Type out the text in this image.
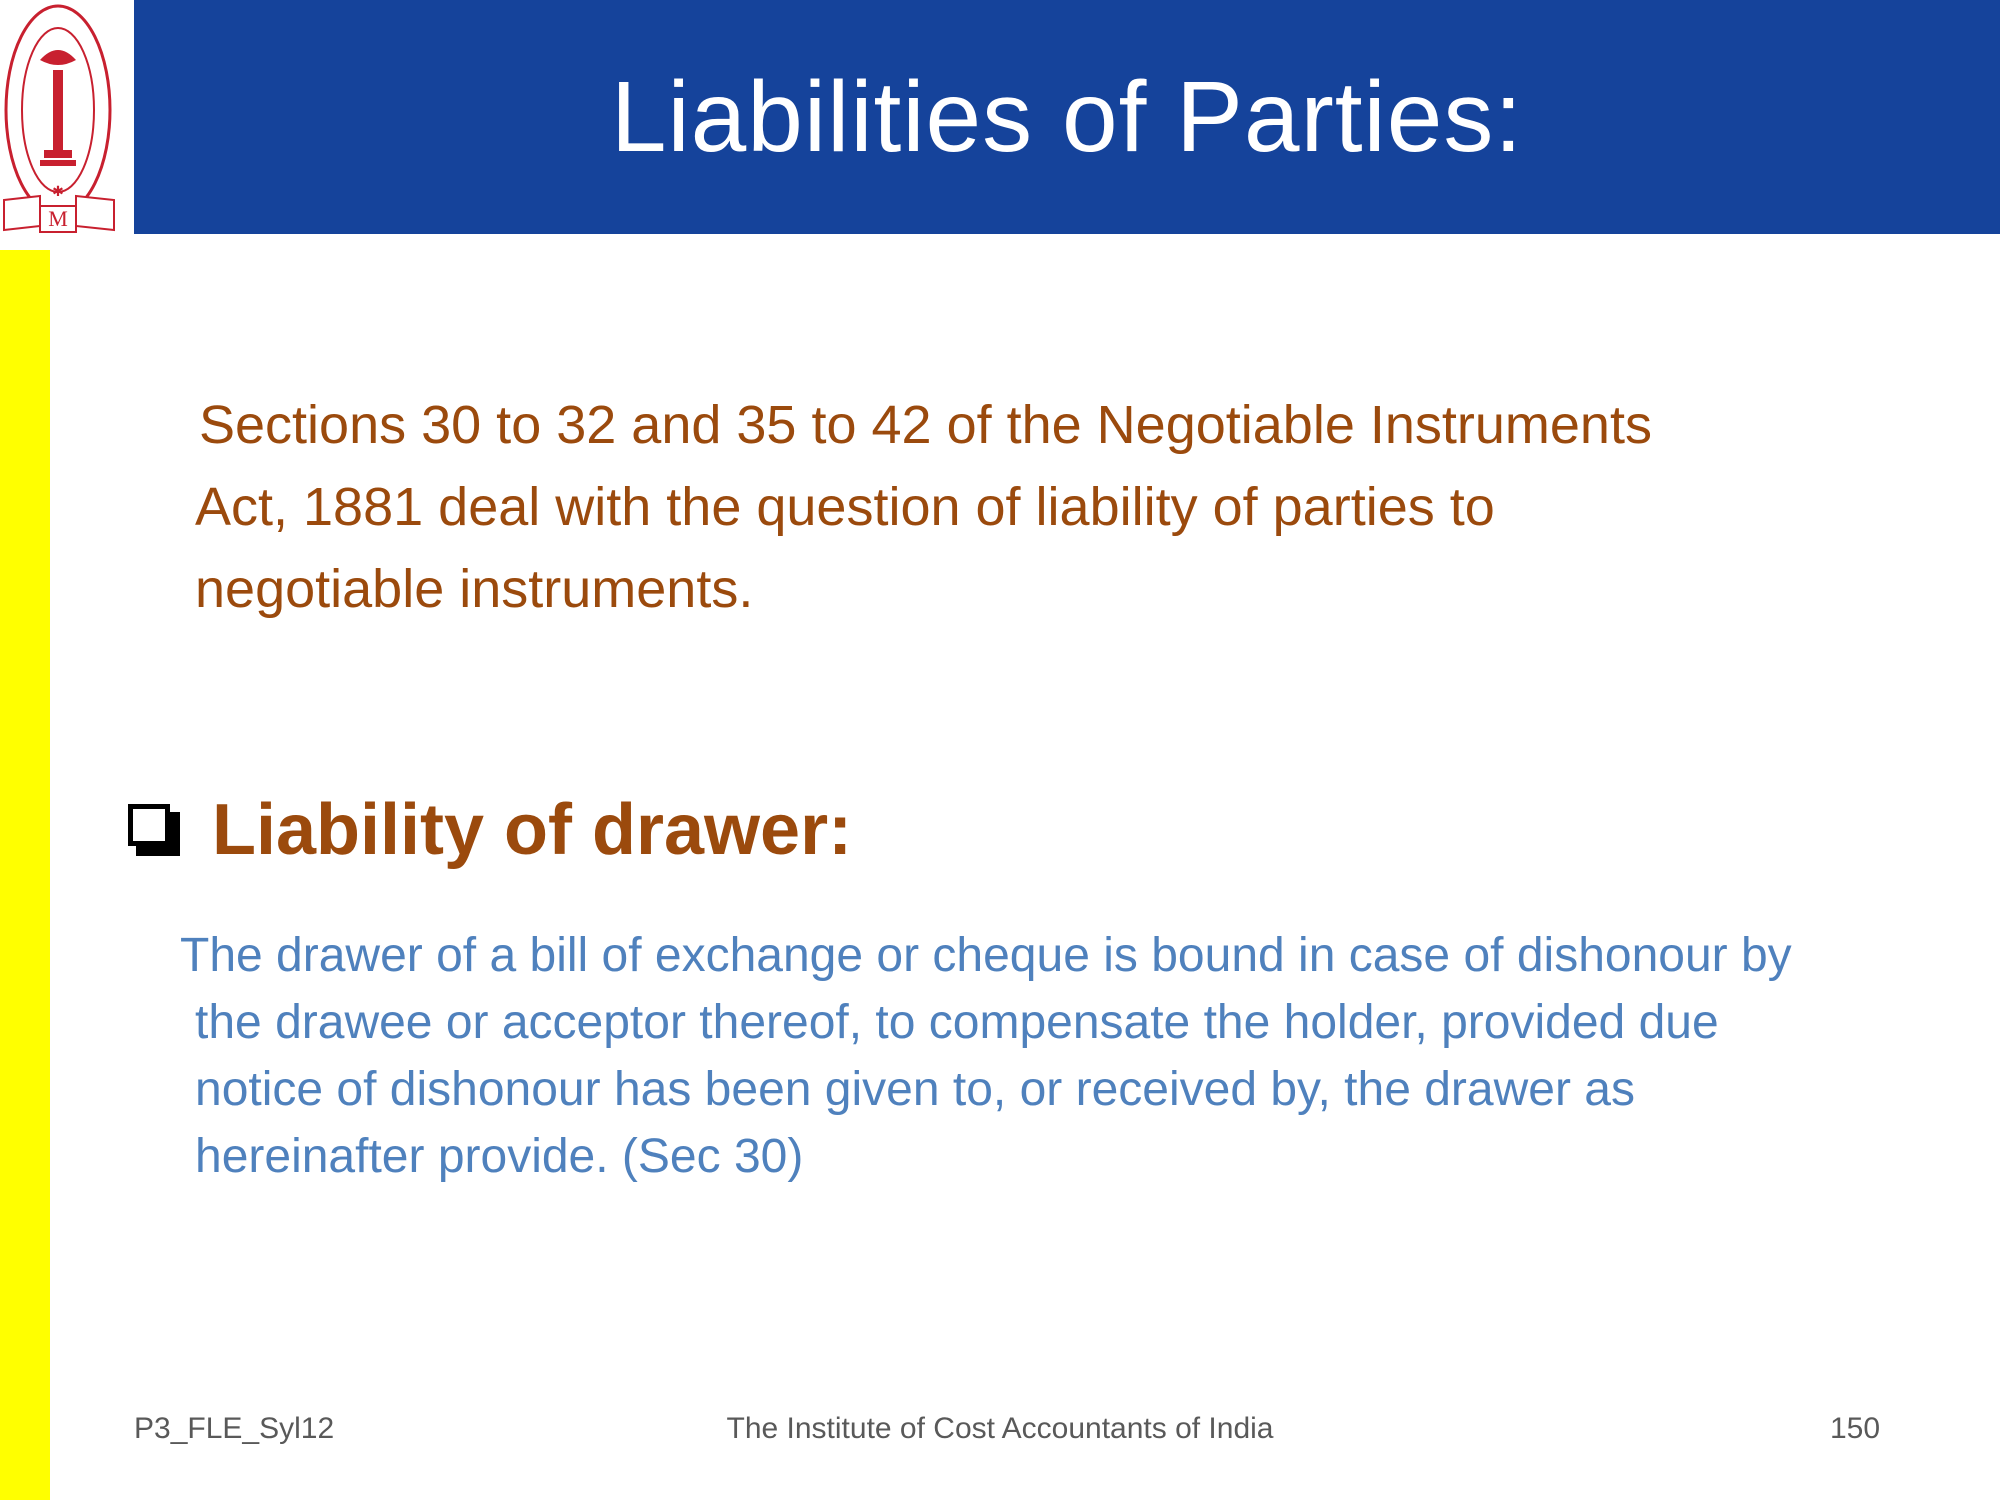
✱
M
Liabilities of Parties:
Sections 30 to 32 and 35 to 42 of the Negotiable Instruments
Act, 1881 deal with the question of liability of parties to
negotiable instruments.
Liability of drawer:
The drawer of a bill of exchange or cheque is bound in case of dishonour by
the drawee or acceptor thereof, to compensate the holder, provided due
notice of dishonour has been given to, or received by, the drawer as
hereinafter provide. (Sec 30)
P3_FLE_Syl12	The Institute of Cost Accountants of India	150
